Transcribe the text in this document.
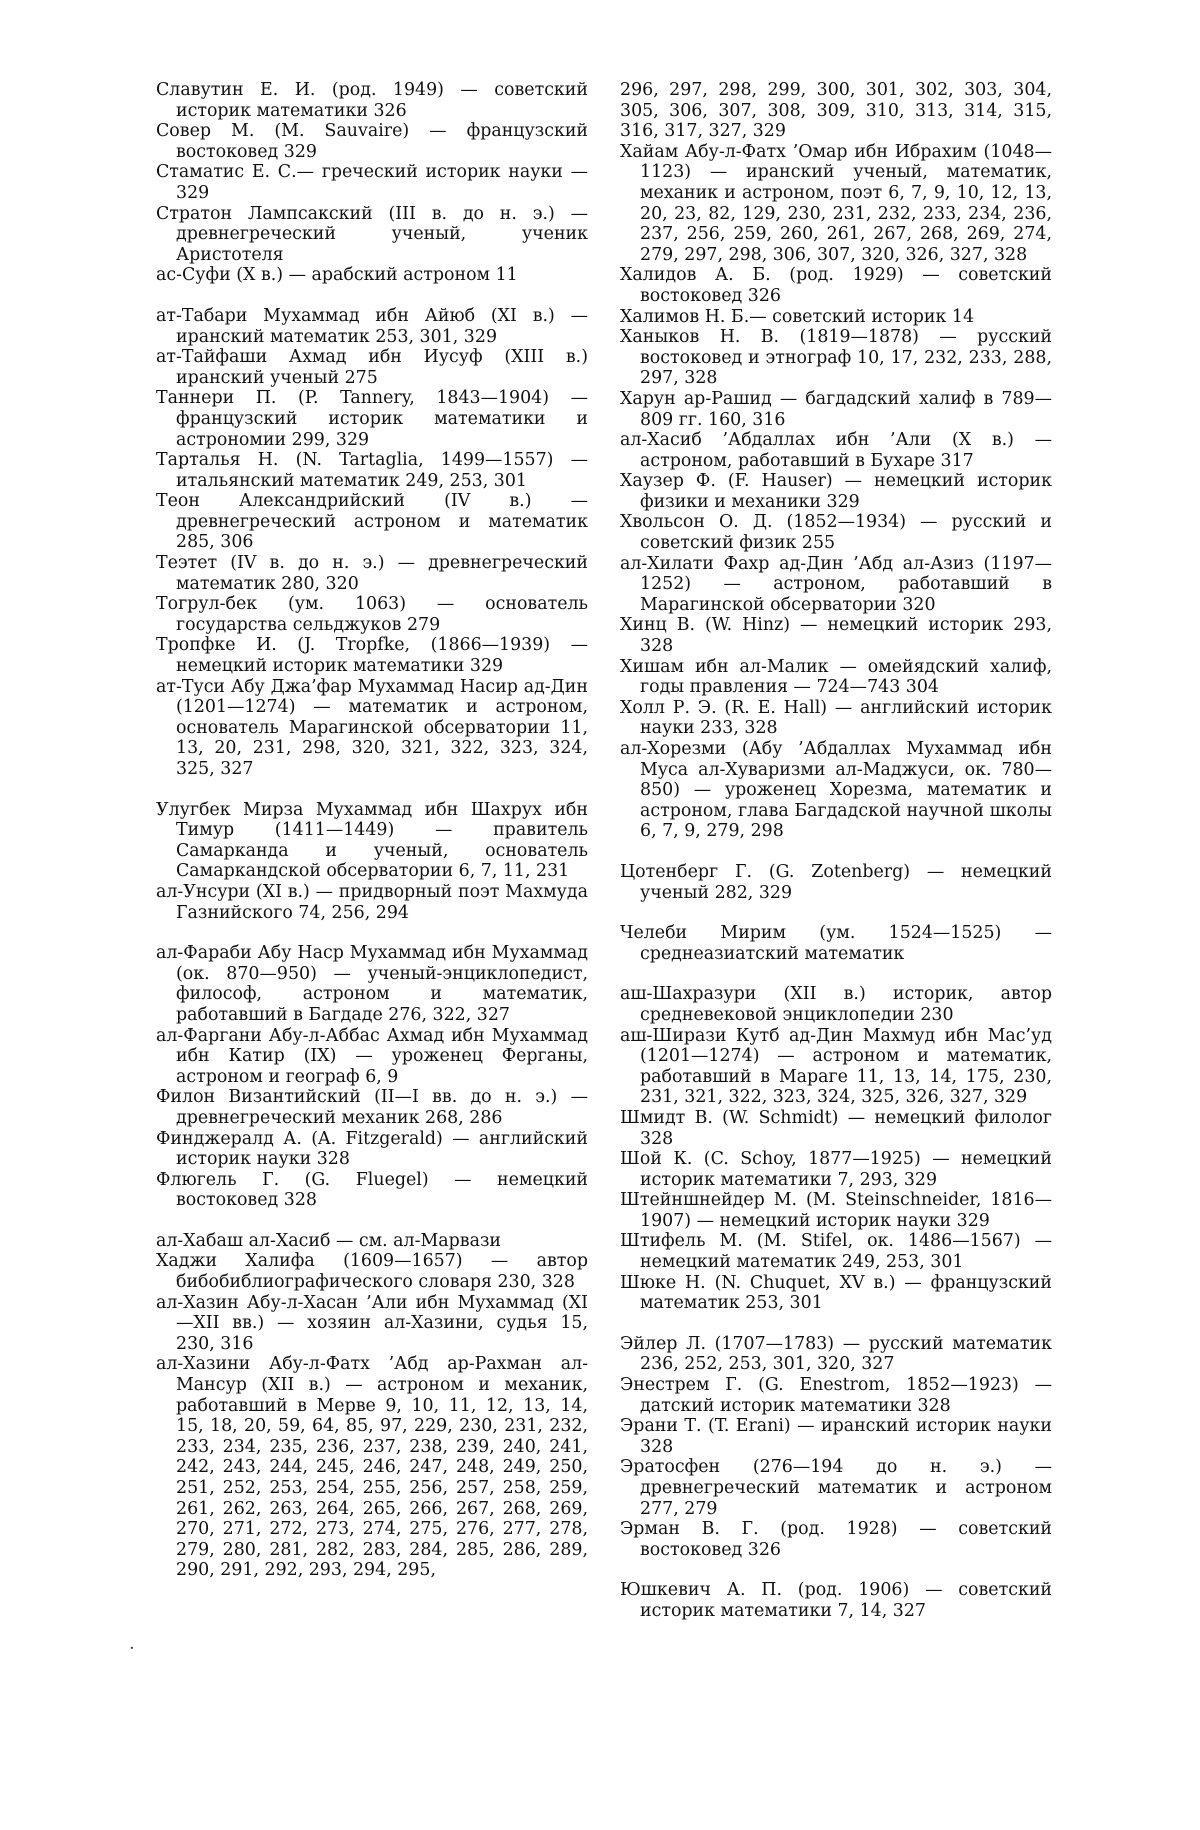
Славутин Е. И. (род. 1949) — советский историк математики 326

Совер М. (M. Sauvaire) — французский востоковед 329

Стаматис Е. С.— греческий историк науки — 329

Стратон Лампсакский (III в. до н. э.) — древнегреческий ученый, ученик Аристотеля

ас-Суфи (Х в.) — арабский астроном 11

ат-Табари Мухаммад ибн Айюб (XI в.) — иранский математик 253, 301, 329

ат-Тайфаши Ахмад ибн Иусуф (XIII в.) иранский ученый 275

Таннери П. (P. Tannery, 1843—1904) — французский историк математики и астрономии 299, 329

Тарталья Н. (N. Tartaglia, 1499—1557) — итальянский математик 249, 253, 301

Теон Александрийский (IV в.) — древнегреческий астроном и математик 285, 306

Теэтет (IV в. до н. э.) — древнегреческий математик 280, 320

Тогрул-бек (ум. 1063) — основатель государства сельджуков 279

Тропфке И. (J. Tropfke, (1866—1939) — немецкий историк математики 329

ат-Туси Абу Джа’фар Мухаммад Насир ад-Дин (1201—1274) — математик и астроном, основатель Марагинской обсерватории 11, 13, 20, 231, 298, 320, 321, 322, 323, 324, 325, 327

Улугбек Мирза Мухаммад ибн Шахрух ибн Тимур (1411—1449) — правитель Самарканда и ученый, основатель Самаркандской обсерватории 6, 7, 11, 231

ал-Унсури (XI в.) — придворный поэт Махмуда Газнийского 74, 256, 294

ал-Фараби Абу Наср Мухаммад ибн Мухаммад (ок. 870—950) — ученый-энциклопедист, философ, астроном и математик, работавший в Багдаде 276, 322, 327

ал-Фаргани Абу-л-Аббас Ахмад ибн Мухаммад ибн Катир (IX) — уроженец Ферганы, астроном и географ 6, 9

Филон Византийский (II—I вв. до н. э.) — древнегреческий механик 268, 286

Финджералд А. (A. Fitzgerald) — английский историк науки 328

Флюгель Г. (G. Fluegel) — немецкий востоковед 328

ал-Хабаш ал-Хасиб — см. ал-Марвази

Хаджи Халифа (1609—1657) — автор бибобиблиографического словаря 230, 328

ал-Хазин Абу-л-Хасан ’Али ибн Мухаммад (XI—XII вв.) — хозяин ал-Хазини, судья 15, 230, 316

ал-Хазини Абу-л-Фатх ’Абд ар-Рахман ал-Мансур (XII в.) — астроном и механик, работавший в Мерве 9, 10, 11, 12, 13, 14, 15, 18, 20, 59, 64, 85, 97, 229, 230, 231, 232, 233, 234, 235, 236, 237, 238, 239, 240, 241, 242, 243, 244, 245, 246, 247, 248, 249, 250, 251, 252, 253, 254, 255, 256, 257, 258, 259, 261, 262, 263, 264, 265, 266, 267, 268, 269, 270, 271, 272, 273, 274, 275, 276, 277, 278, 279, 280, 281, 282, 283, 284, 285, 286, 289, 290, 291, 292, 293, 294, 295,

296, 297, 298, 299, 300, 301, 302, 303, 304, 305, 306, 307, 308, 309, 310, 313, 314, 315, 316, 317, 327, 329

Хайам Абу-л-Фатх ’Омар ибн Ибрахим (1048—1123) — иранский ученый, математик, механик и астроном, поэт 6, 7, 9, 10, 12, 13, 20, 23, 82, 129, 230, 231, 232, 233, 234, 236, 237, 256, 259, 260, 261, 267, 268, 269, 274, 279, 297, 298, 306, 307, 320, 326, 327, 328

Халидов А. Б. (род. 1929) — советский востоковед 326

Халимов Н. Б.— советский историк 14

Ханыков Н. В. (1819—1878) — русский востоковед и этнограф 10, 17, 232, 233, 288, 297, 328

Харун ар-Рашид — багдадский халиф в 789—809 гг. 160, 316

ал-Хасиб ’Абдаллах ибн ’Али (Х в.) — астроном, работавший в Бухаре 317

Хаузер Ф. (F. Hauser) — немецкий историк физики и механики 329

Хвольсон О. Д. (1852—1934) — русский и советский физик 255

ал-Хилати Фахр ад-Дин ’Абд ал-Азиз (1197—1252) — астроном, работавший в Марагинской обсерватории 320

Хинц В. (W. Hinz) — немецкий историк 293, 328

Хишам ибн ал-Малик — омейядский халиф, годы правления — 724—743 304

Холл Р. Э. (R. E. Hall) — английский историк науки 233, 328

ал-Хорезми (Абу ’Абдаллах Мухаммад ибн Муса ал-Хуваризми ал-Маджуси, ок. 780—850) — уроженец Хорезма, математик и астроном, глава Багдадской научной школы 6, 7, 9, 279, 298

Цотенберг Г. (G. Zotenberg) — немецкий ученый 282, 329

Челеби Мирим (ум. 1524—1525) — среднеазиатский математик

аш-Шахразури (XII в.) историк, автор средневековой энциклопедии 230

аш-Ширази Кутб ад-Дин Махмуд ибн Мас’уд (1201—1274) — астроном и математик, работавший в Мараге 11, 13, 14, 175, 230, 231, 321, 322, 323, 324, 325, 326, 327, 329

Шмидт В. (W. Schmidt) — немецкий филолог 328

Шой К. (C. Schoy, 1877—1925) — немецкий историк математики 7, 293, 329

Штейншнейдер М. (M. Steinschneider, 1816—1907) — немецкий историк науки 329

Штифель М. (M. Stifel, ок. 1486—1567) — немецкий математик 249, 253, 301

Шюке Н. (N. Chuquet, XV в.) — французский математик 253, 301

Эйлер Л. (1707—1783) — русский математик 236, 252, 253, 301, 320, 327

Энестрем Г. (G. Enestrom, 1852—1923) — датский историк математики 328

Эрани Т. (T. Erani) — иранский историк науки 328

Эратосфен (276—194 до н. э.) — древнегреческий математик и астроном 277, 279

Эрман В. Г. (род. 1928) — советский востоковед 326

Юшкевич А. П. (род. 1906) — советский историк математики 7, 14, 327

·
